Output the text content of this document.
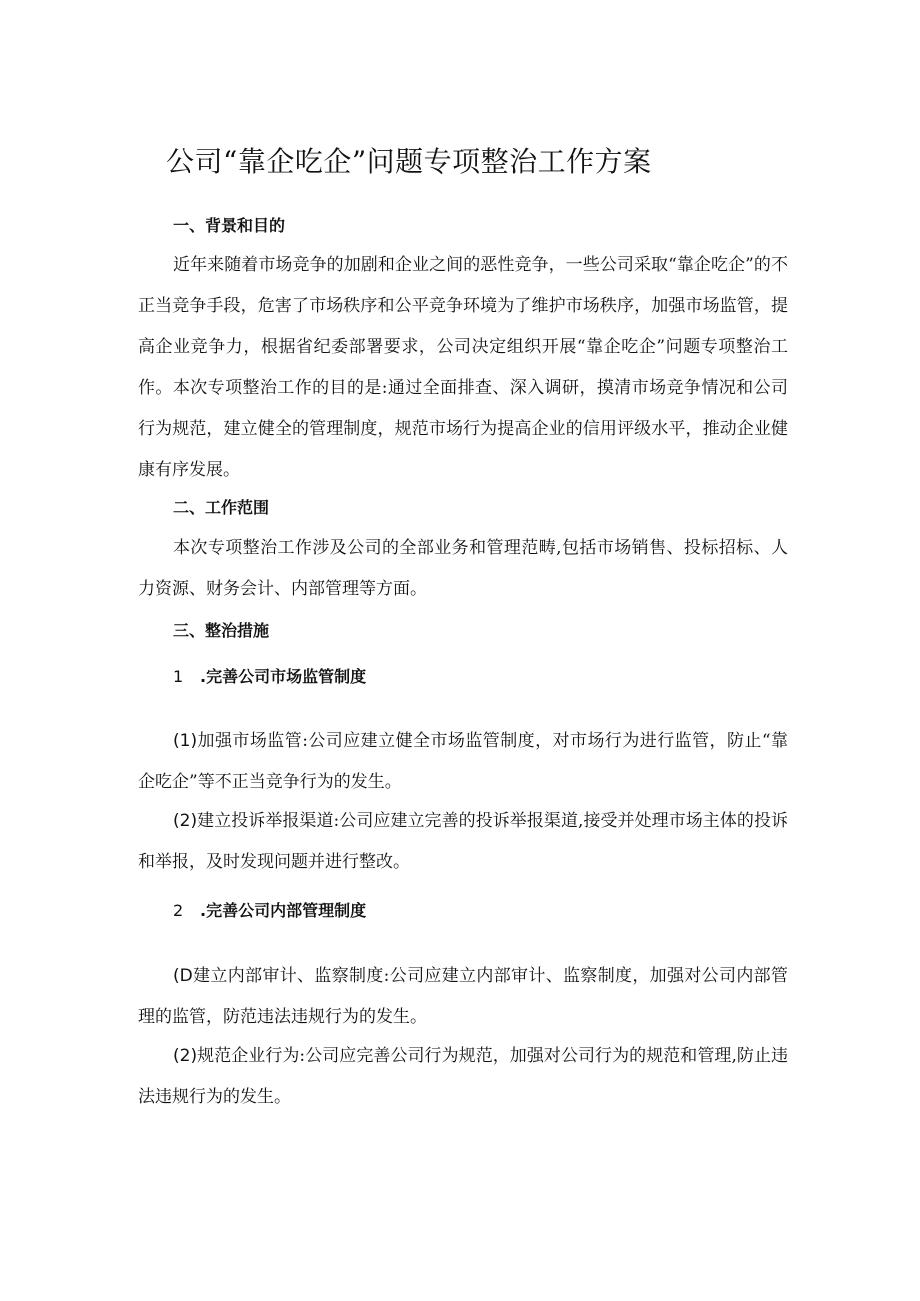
公司“靠企吃企”问题专项整治工作方案
一、背景和目的
近年来随着市场竞争的加剧和企业之间的恶性竞争，一些公司采取“靠企吃企”的不正当竞争手段，危害了市场秩序和公平竞争环境为了维护市场秩序，加强市场监管，提高企业竞争力，根据省纪委部署要求，公司决定组织开展“靠企吃企”问题专项整治工作。本次专项整治工作的目的是:通过全面排查、深入调研，摸清市场竞争情况和公司行为规范，建立健全的管理制度，规范市场行为提高企业的信用评级水平，推动企业健康有序发展。
二、工作范围
本次专项整治工作涉及公司的全部业务和管理范畴,包括市场销售、投标招标、人力资源、财务会计、内部管理等方面。
三、整治措施
1 .完善公司市场监管制度
(1)加强市场监管:公司应建立健全市场监管制度，对市场行为进行监管，防止“靠企吃企”等不正当竞争行为的发生。
(2)建立投诉举报渠道:公司应建立完善的投诉举报渠道,接受并处理市场主体的投诉和举报，及时发现问题并进行整改。
2 .完善公司内部管理制度
(D建立内部审计、监察制度:公司应建立内部审计、监察制度，加强对公司内部管理的监管，防范违法违规行为的发生。
(2)规范企业行为:公司应完善公司行为规范，加强对公司行为的规范和管理,防止违法违规行为的发生。
